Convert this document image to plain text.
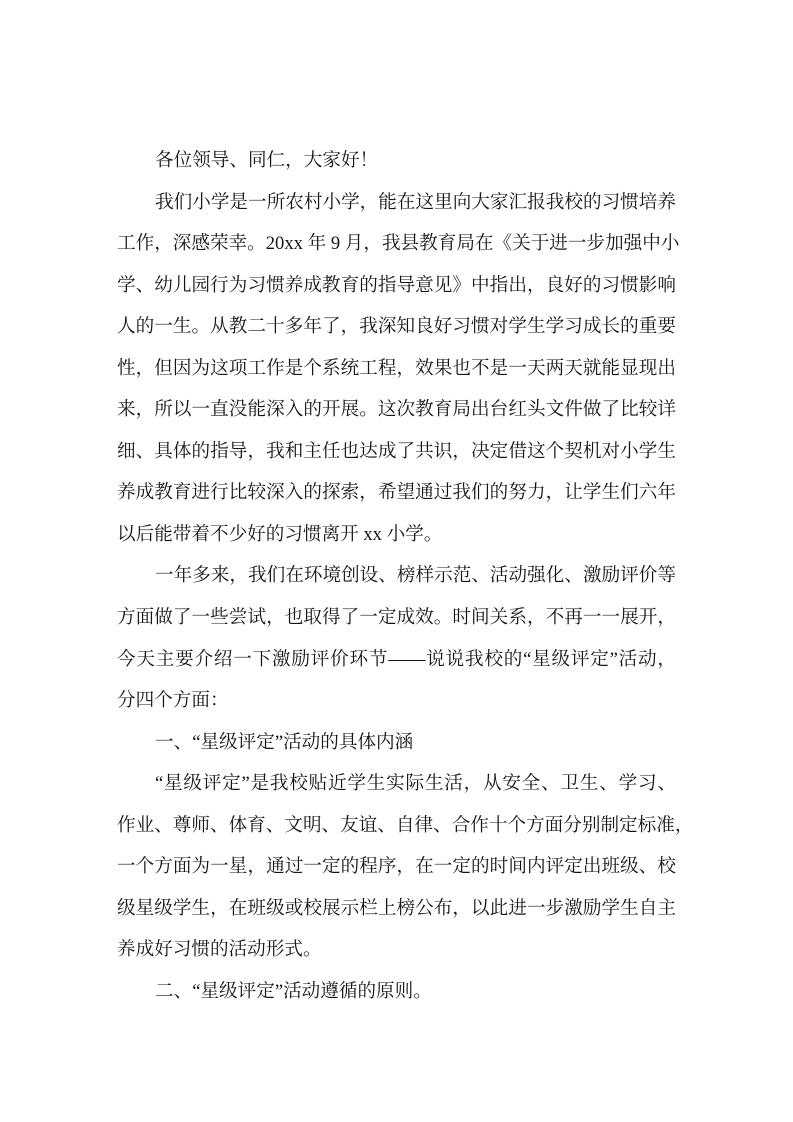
各位领导、同仁，大家好！
我们小学是一所农村小学，能在这里向大家汇报我校的习惯培养
工作，深感荣幸。20xx 年 9 月，我县教育局在《关于进一步加强中小
学、幼儿园行为习惯养成教育的指导意见》中指出，良好的习惯影响
人的一生。从教二十多年了，我深知良好习惯对学生学习成长的重要
性，但因为这项工作是个系统工程，效果也不是一天两天就能显现出
来，所以一直没能深入的开展。这次教育局出台红头文件做了比较详
细、具体的指导，我和主任也达成了共识，决定借这个契机对小学生
养成教育进行比较深入的探索，希望通过我们的努力，让学生们六年
以后能带着不少好的习惯离开 xx 小学。
一年多来，我们在环境创设、榜样示范、活动强化、激励评价等
方面做了一些尝试，也取得了一定成效。时间关系，不再一一展开，
今天主要介绍一下激励评价环节——说说我校的“星级评定”活动，
分四个方面：
一、“星级评定”活动的具体内涵
“星级评定”是我校贴近学生实际生活，从安全、卫生、学习、
作业、尊师、体育、文明、友谊、自律、合作十个方面分别制定标准，
一个方面为一星，通过一定的程序，在一定的时间内评定出班级、校
级星级学生，在班级或校展示栏上榜公布，以此进一步激励学生自主
养成好习惯的活动形式。
二、“星级评定”活动遵循的原则。
